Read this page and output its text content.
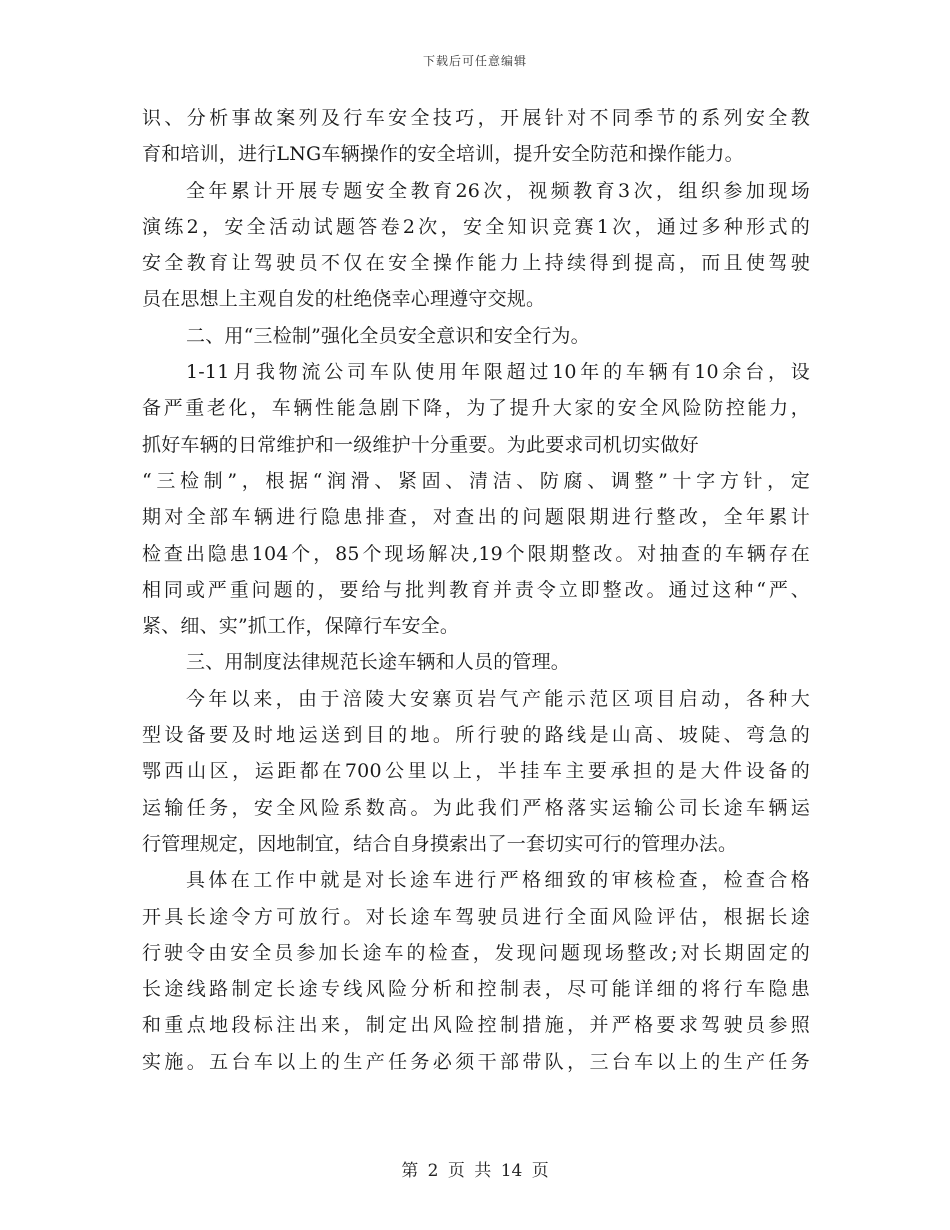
下载后可任意编辑
识、分析事故案列及行车安全技巧，开展针对不同季节的系列安全教
育和培训，进行LNG车辆操作的安全培训，提升安全防范和操作能力。
全年累计开展专题安全教育26次，视频教育3次，组织参加现场
演练2，安全活动试题答卷2次，安全知识竞赛1次，通过多种形式的
安全教育让驾驶员不仅在安全操作能力上持续得到提高，而且使驾驶
员在思想上主观自发的杜绝侥幸心理遵守交规。
二、用“三检制”强化全员安全意识和安全行为。
1-11月我物流公司车队使用年限超过10年的车辆有10余台，设
备严重老化，车辆性能急剧下降，为了提升大家的安全风险防控能力，
抓好车辆的日常维护和一级维护十分重要。为此要求司机切实做好
“三检制”，根据“润滑、紧固、清洁、防腐、调整”十字方针，定
期对全部车辆进行隐患排查，对查出的问题限期进行整改，全年累计
检查出隐患104个，85个现场解决,19个限期整改。对抽查的车辆存在
相同或严重问题的，要给与批判教育并责令立即整改。通过这种“严、
紧、细、实”抓工作，保障行车安全。
三、用制度法律规范长途车辆和人员的管理。
今年以来，由于涪陵大安寨页岩气产能示范区项目启动，各种大
型设备要及时地运送到目的地。所行驶的路线是山高、坡陡、弯急的
鄂西山区，运距都在700公里以上，半挂车主要承担的是大件设备的
运输任务，安全风险系数高。为此我们严格落实运输公司长途车辆运
行管理规定，因地制宜，结合自身摸索出了一套切实可行的管理办法。
具体在工作中就是对长途车进行严格细致的审核检查，检查合格
开具长途令方可放行。对长途车驾驶员进行全面风险评估，根据长途
行驶令由安全员参加长途车的检查，发现问题现场整改;对长期固定的
长途线路制定长途专线风险分析和控制表，尽可能详细的将行车隐患
和重点地段标注出来，制定出风险控制措施，并严格要求驾驶员参照
实施。五台车以上的生产任务必须干部带队，三台车以上的生产任务
第 2 页 共 14 页
